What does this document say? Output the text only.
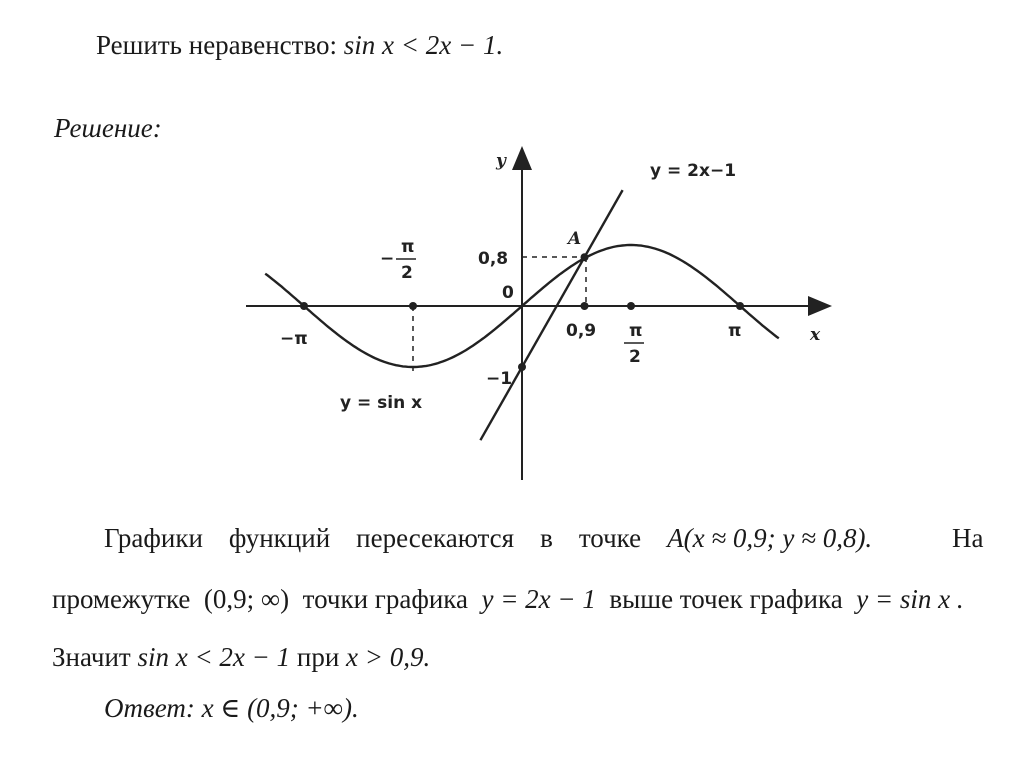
Решить неравенство: sin x < 2x − 1.
Решение:
y
x
y = 2x−1
y = sin x
A
0,8
0
−1
−π	0,9	π
−
π
2
π
2
Графики функций пересекаются в точке A(x ≈ 0,9; y ≈ 0,8).	На
промежутке (0,9; ∞) точки графика y = 2x − 1 выше точек графика y = sin x .
Значит sin x < 2x − 1 при x > 0,9.
Ответ: x ∈ (0,9; +∞).
